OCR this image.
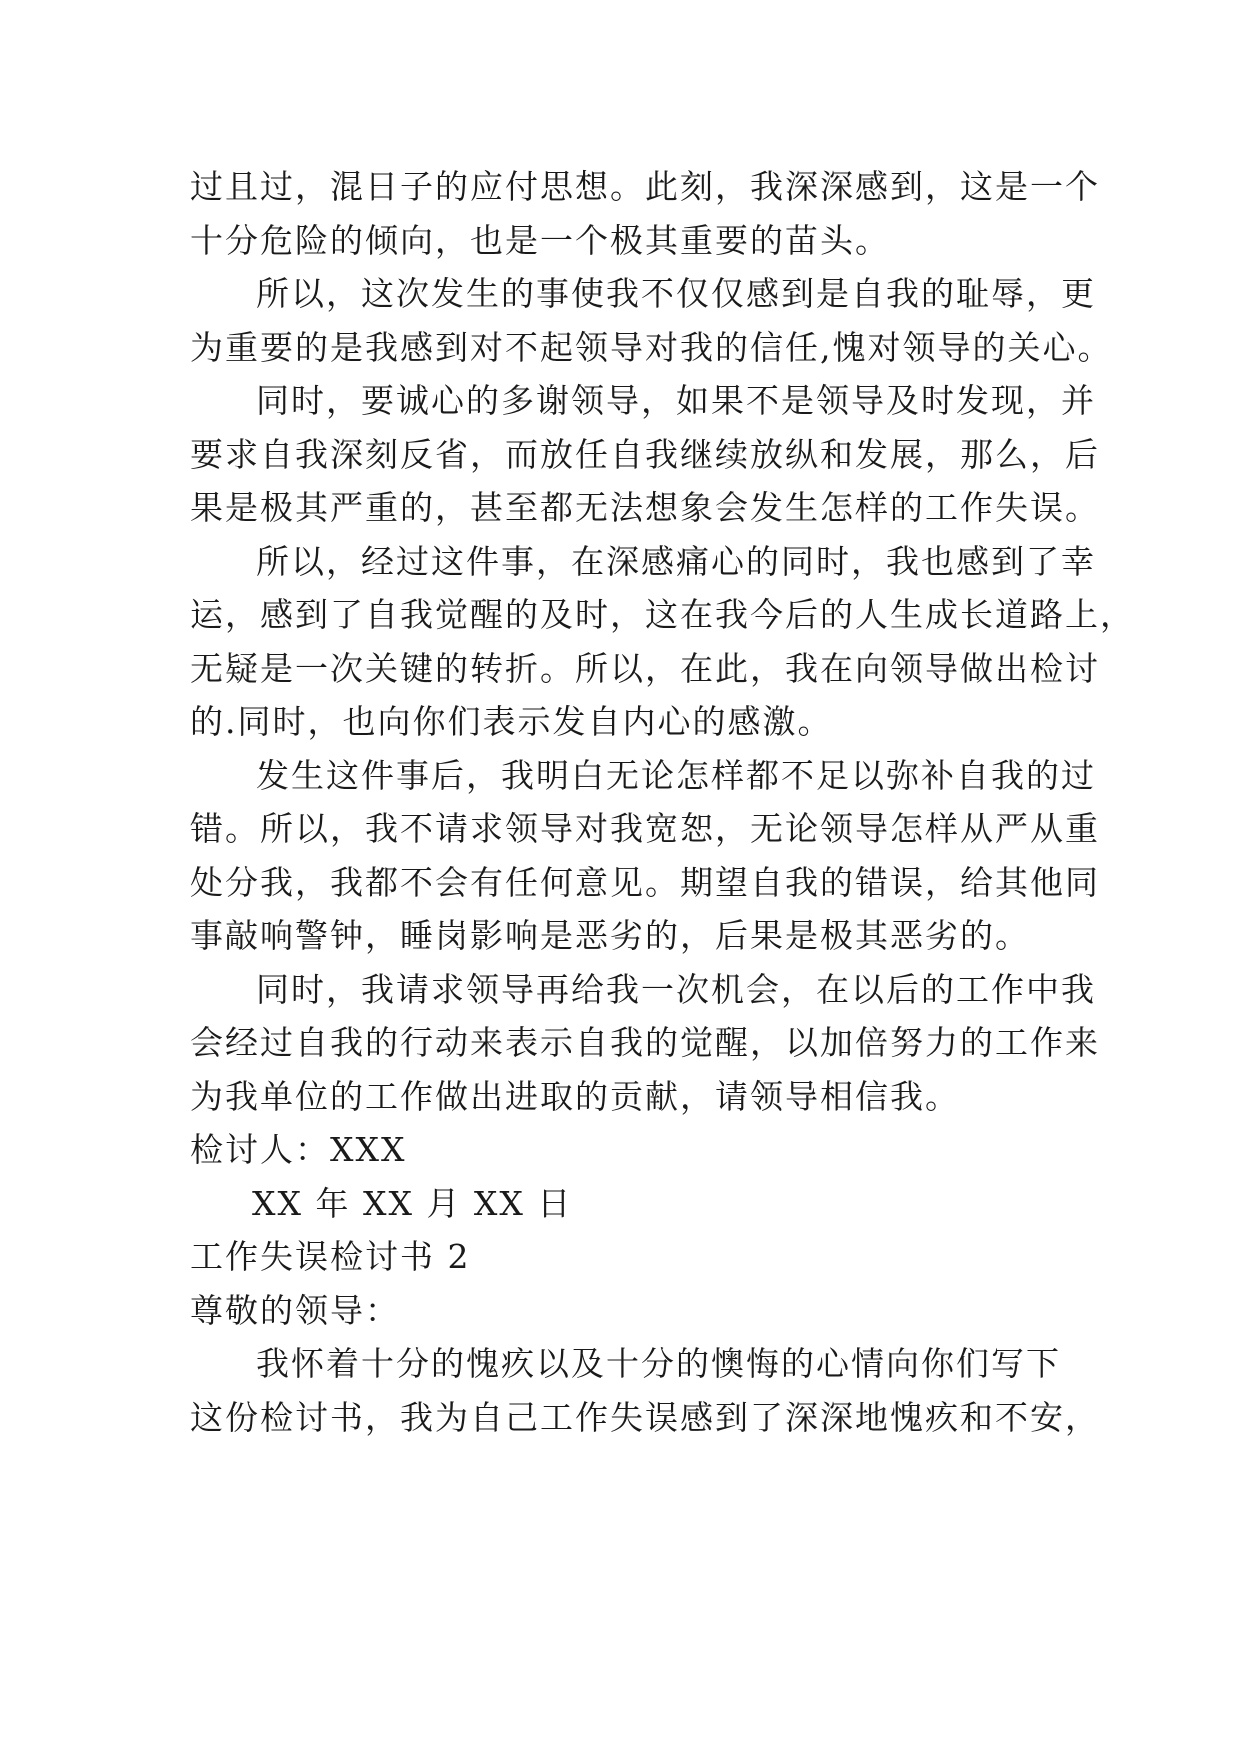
过且过，混日子的应付思想。此刻，我深深感到，这是一个
十分危险的倾向，也是一个极其重要的苗头。
所以，这次发生的事使我不仅仅感到是自我的耻辱，更
为重要的是我感到对不起领导对我的信任,愧对领导的关心。
同时，要诚心的多谢领导，如果不是领导及时发现，并
要求自我深刻反省，而放任自我继续放纵和发展，那么，后
果是极其严重的，甚至都无法想象会发生怎样的工作失误。
所以，经过这件事，在深感痛心的同时，我也感到了幸
运，感到了自我觉醒的及时，这在我今后的人生成长道路上，
无疑是一次关键的转折。所以，在此，我在向领导做出检讨
的.同时，也向你们表示发自内心的感激。
发生这件事后，我明白无论怎样都不足以弥补自我的过
错。所以，我不请求领导对我宽恕，无论领导怎样从严从重
处分我，我都不会有任何意见。期望自我的错误，给其他同
事敲响警钟，睡岗影响是恶劣的，后果是极其恶劣的。
同时，我请求领导再给我一次机会，在以后的工作中我
会经过自我的行动来表示自我的觉醒，以加倍努力的工作来
为我单位的工作做出进取的贡献，请领导相信我。
检讨人：XXX
XX 年 XX 月 XX 日
工作失误检讨书 2
尊敬的领导：
我怀着十分的愧疚以及十分的懊悔的心情向你们写下
这份检讨书，我为自己工作失误感到了深深地愧疚和不安，
